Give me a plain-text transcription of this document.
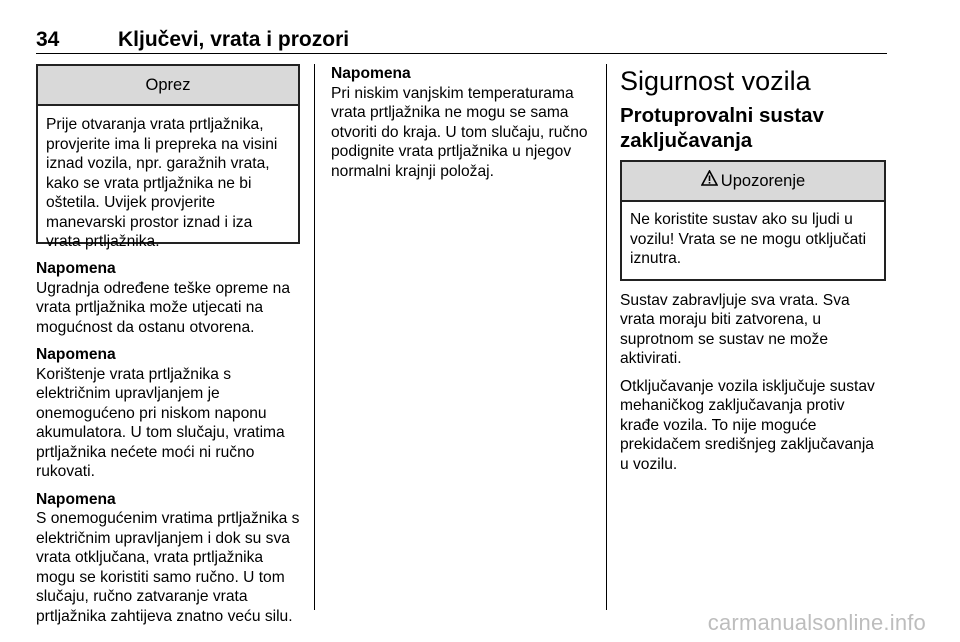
34	Ključevi, vrata i prozori
Oprez
Prije otvaranja vrata prtljažnika, provjerite ima li prepreka na visini iznad vozila, npr. garažnih vrata, kako se vrata prtljažnika ne bi oštetila. Uvijek provjerite manevarski prostor iznad i iza vrata prtljažnika.
Napomena

Ugradnja određene teške opreme na vrata prtljažnika može utjecati na mogućnost da ostanu otvorena.

Napomena

Korištenje vrata prtljažnika s električnim upravljanjem je onemogućeno pri niskom naponu akumulatora. U tom slučaju, vratima prtljažnika nećete moći ni ručno rukovati.

Napomena

S onemogućenim vratima prtljažnika s električnim upravljanjem i dok su sva vrata otključana, vrata prtljažnika mogu se koristiti samo ručno. U tom slučaju, ručno zatvaranje vrata prtljažnika zahtijeva znatno veću silu.

Napomena

Pri niskim vanjskim temperaturama vrata prtljažnika ne mogu se sama otvoriti do kraja. U tom slučaju, ručno podignite vrata prtljažnika u njegov normalni krajnji položaj.

Sigurnost vozila
Protuprovalni sustav zaključavanja
Upozorenje
Ne koristite sustav ako su ljudi u vozilu! Vrata se ne mogu otključati iznutra.

Sustav zabravljuje sva vrata. Sva vrata moraju biti zatvorena, u suprotnom se sustav ne može aktivirati.

Otključavanje vozila isključuje sustav mehaničkog zaključavanja protiv krađe vozila. To nije moguće prekidačem središnjeg zaključavanja u vozilu.

carmanualsonline.info
